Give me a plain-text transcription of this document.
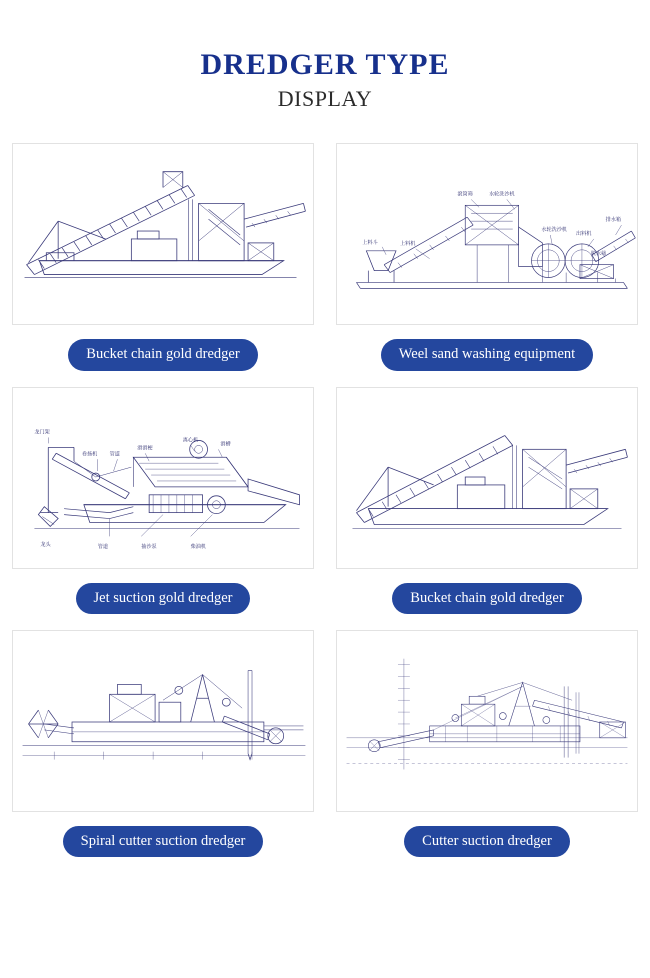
DREDGER TYPE
DISPLAY
Bucket chain gold dredger
上料斗	上料机
滾筒筛	水轮洗沙机
水轮洗沙机
出料机
脱水筛
排水箱
Weel sand washing equipment
龙门架
卷扬机 管道
滑滑梗
离心机
滑槽
龙头	管道	抽沙泵	柴油机
Jet suction gold dredger	Bucket chain gold dredger
Spiral cutter suction dredger	Cutter suction dredger
